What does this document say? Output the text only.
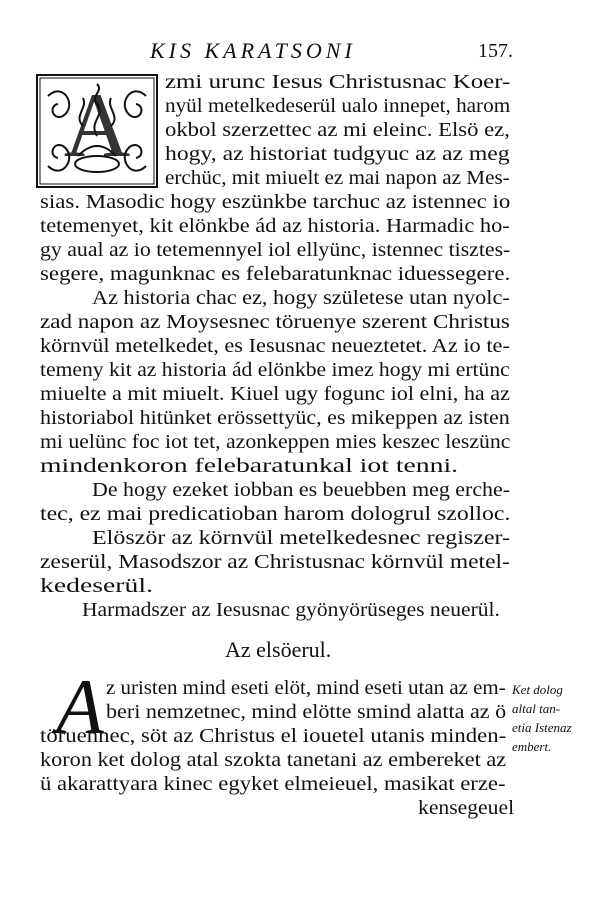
KIS KARATSONI	157.
A zmi urunc Iesus Christusnac Koer-
nyül metelkedeserül ualo innepet, harom
okbol szerzettec az mi eleinc. Elsö ez,
hogy, az historiat tudgyuc az az meg
erchüc, mit miuelt ez mai napon az Mes-
sias. Masodic hogy eszünkbe tarchuc az istennec io
tetemenyet, kit elönkbe ád az historia. Harmadic ho-
gy aual az io tetemennyel iol ellyünc, istennec tisztes-
segere, magunknac es felebaratunknac iduessegere.
Az historia chac ez, hogy születese utan nyolc-
zad napon az Moysesnec töruenye szerent Christus
körnvül metelkedet, es Iesusnac neueztetet. Az io te-
temeny kit az historia ád elönkbe imez hogy mi ertünc
miuelte a mit miuelt. Kiuel ugy fogunc iol elni, ha az
historiabol hitünket erössettyüc, es mikeppen az isten
mi uelünc foc iot tet, azonkeppen mies keszec leszünc
mindenkoron felebaratunkal iot tenni.
De hogy ezeket iobban es beuebben meg erche-
tec, ez mai predicatioban harom dologrul szolloc.
Elöször az körnvül metelkedesnec regiszer-
zeserül, Masodszor az Christusnac körnvül metel-
kedeserül.
Harmadszer az Iesusnac gyönyörüseges neuerül.
Az elsöerul.
A z uristen mind eseti elöt, mind eseti utan az em-
beri nemzetnec, mind elötte smind alatta az ö
töruennec, söt az Christus el iouetel utanis minden-
koron ket dolog atal szokta tanetani az embereket az
ü akarattyara kinec egyket elmeieuel, masikat erze-
kensegeuel
Ket dolog
altal tan-
etia Istenaz
embert.
